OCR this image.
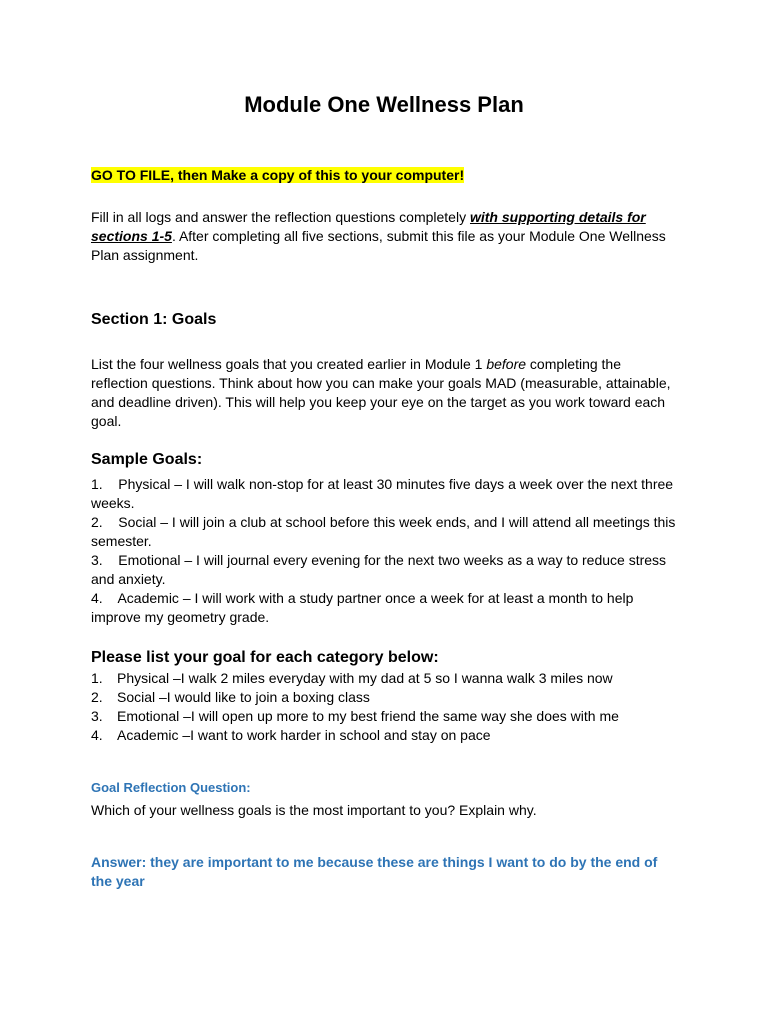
Module One Wellness Plan

GO TO FILE, then Make a copy of this to your computer!

Fill in all logs and answer the reflection questions completely with supporting details for sections 1-5. After completing all five sections, submit this file as your Module One Wellness Plan assignment.

Section 1: Goals

List the four wellness goals that you created earlier in Module 1 before completing the reflection questions. Think about how you can make your goals MAD (measurable, attainable, and deadline driven). This will help you keep your eye on the target as you work toward each goal.

Sample Goals:
1.    Physical – I will walk non-stop for at least 30 minutes five days a week over the next three weeks.
2.    Social – I will join a club at school before this week ends, and I will attend all meetings this semester.
3.    Emotional – I will journal every evening for the next two weeks as a way to reduce stress and anxiety.
4.    Academic – I will work with a study partner once a week for at least a month to help improve my geometry grade.
Please list your goal for each category below:
1.	Physical –I walk 2 miles everyday with my dad at 5 so I wanna walk 3 miles now
2.	Social –I would like to join a boxing class
3.	Emotional –I will open up more to my best friend the same way she does with me
4.	Academic –I want to work harder in school and stay on pace

Goal Reflection Question:

Which of your wellness goals is the most important to you? Explain why.

Answer: they are important to me because these are things I want to do by the end of the year
